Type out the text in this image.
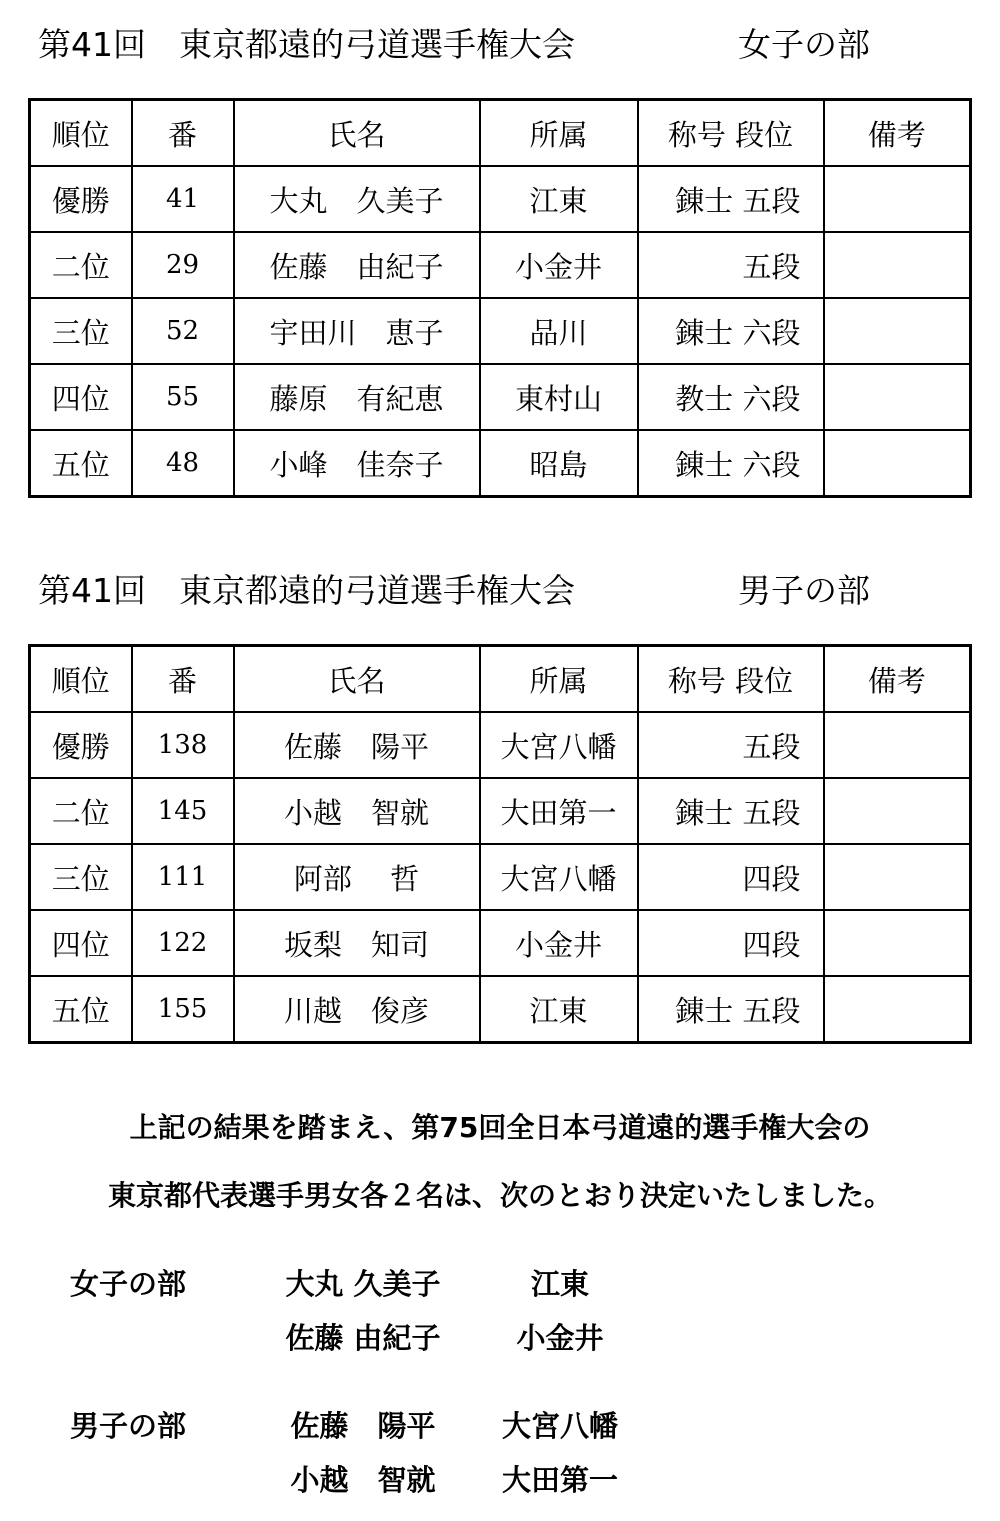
第41回　東京都遠的弓道選手権大会	女子の部
順位	番	氏名	所属	称号 段位	備考
優勝	41	大丸　久美子	江東	錬士 五段	
二位	29	佐藤　由紀子	小金井	五段	
三位	52	宇田川　恵子	品川	錬士 六段	
四位	55	藤原　有紀恵	東村山	教士 六段	
五位	48	小峰　佳奈子	昭島	錬士 六段	
第41回　東京都遠的弓道選手権大会	男子の部
順位	番	氏名	所属	称号 段位	備考
優勝	138	佐藤　陽平	大宮八幡	五段	
二位	145	小越　智就	大田第一	錬士 五段	
三位	111	阿部　 哲	大宮八幡	四段	
四位	122	坂梨　知司	小金井	四段	
五位	155	川越　俊彦	江東	錬士 五段	
上記の結果を踏まえ、第75回全日本弓道遠的選手権大会の
東京都代表選手男女各２名は、次のとおり決定いたしました。
女子の部	大丸 久美子	江東
佐藤 由紀子	小金井
男子の部	佐藤　陽平	大宮八幡
小越　智就	大田第一
